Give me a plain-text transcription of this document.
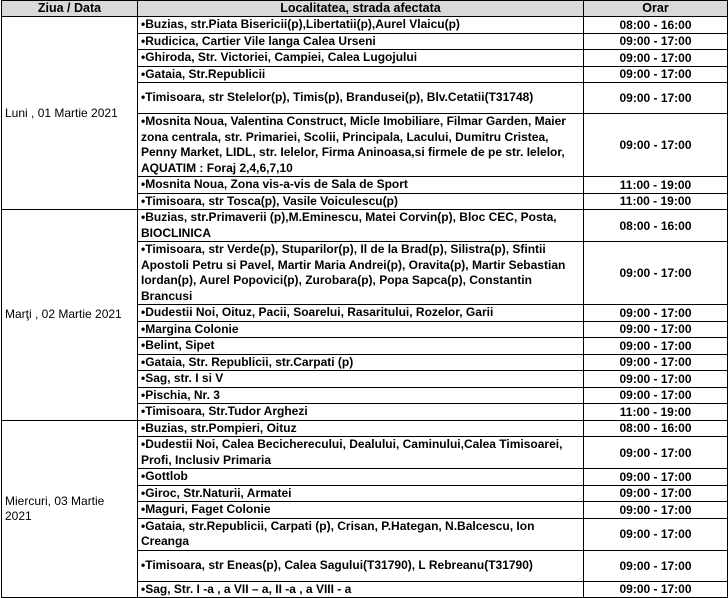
Ziua / Data	Localitatea, strada afectata	Orar
Luni , 01 Martie 2021	•Buzias, str.Piata Bisericii(p),Libertatii(p),Aurel Vlaicu(p)	08:00 - 16:00
	•Rudicica, Cartier Vile langa Calea Urseni	09:00 - 17:00
	•Ghiroda, Str. Victoriei, Campiei, Calea Lugojului	09:00 - 17:00
	•Gataia, Str.Republicii	09:00 - 17:00
	•Timisoara, str Stelelor(p), Timis(p), Brandusei(p), Blv.Cetatii(T31748)	09:00 - 17:00
	•Mosnita Noua, Valentina Construct, Micle Imobiliare, Filmar Garden, Maier zona centrala, str. Primariei, Scolii, Principala, Lacului, Dumitru Cristea, Penny Market, LIDL, str. Ielelor, Firma Aninoasa,si firmele de pe str. Ielelor, AQUATIM : Foraj 2,4,6,7,10	09:00 - 17:00
	•Mosnita Noua, Zona vis-a-vis de Sala de Sport	11:00 - 19:00
	•Timisoara, str Tosca(p), Vasile Voiculescu(p)	11:00 - 19:00
Marţi , 02 Martie 2021	•Buzias, str.Primaverii (p),M.Eminescu, Matei Corvin(p), Bloc CEC, Posta, BIOCLINICA	08:00 - 16:00
	•Timisoara, str Verde(p), Stuparilor(p), Il de la Brad(p), Silistra(p), Sfintii Apostoli Petru si Pavel, Martir Maria Andrei(p), Oravita(p), Martir Sebastian Iordan(p), Aurel Popovici(p), Zurobara(p), Popa Sapca(p), Constantin Brancusi	09:00 - 17:00
	•Dudestii Noi, Oituz, Pacii, Soarelui, Rasaritului, Rozelor, Garii	09:00 - 17:00
	•Margina Colonie	09:00 - 17:00
	•Belint, Sipet	09:00 - 17:00
	•Gataia, Str. Republicii, str.Carpati (p)	09:00 - 17:00
	•Sag, str. I si V	09:00 - 17:00
	•Pischia, Nr. 3	09:00 - 17:00
	•Timisoara, Str.Tudor Arghezi	11:00 - 19:00
Miercuri, 03 Martie 2021	•Buzias, str.Pompieri, Oituz	08:00 - 16:00
	•Dudestii Noi, Calea Becicherecului, Dealului, Caminului,Calea Timisoarei, Profi, Inclusiv Primaria	09:00 - 17:00
	•Gottlob	09:00 - 17:00
	•Giroc, Str.Naturii, Armatei	09:00 - 17:00
	•Maguri, Faget Colonie	09:00 - 17:00
	•Gataia, str.Republicii, Carpati (p), Crisan, P.Hategan, N.Balcescu, Ion Creanga	09:00 - 17:00
	•Timisoara, str Eneas(p), Calea Sagului(T31790), L Rebreanu(T31790)	09:00 - 17:00
	•Sag, Str. I -a , a VII – a, II -a , a VIII - a	09:00 - 17:00
